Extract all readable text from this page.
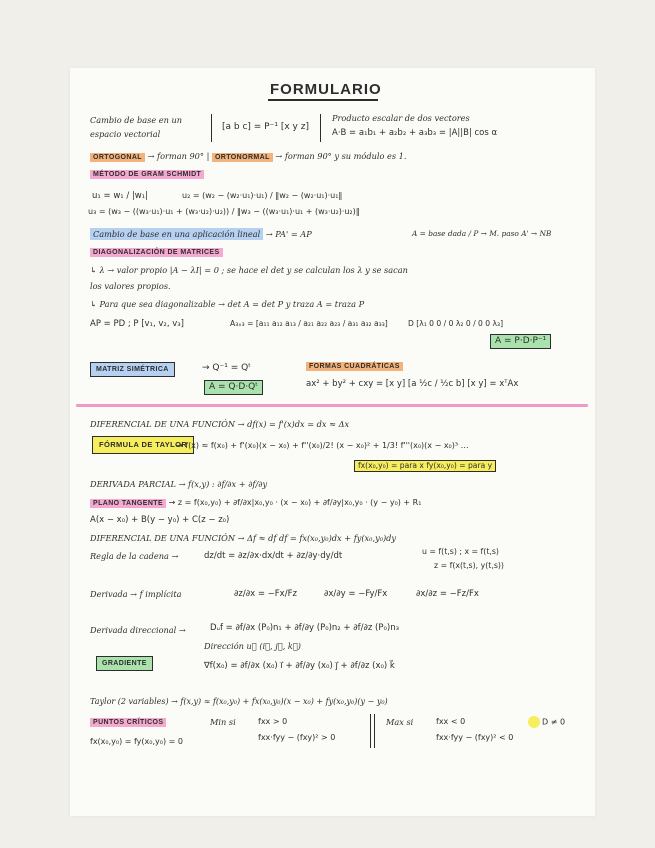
FORMULARIO
Cambio de base en un
espacio vectorial
[a b c] = P⁻¹ [x y z]
Producto escalar de dos vectores
A·B = a₁b₁ + a₂b₂ + a₃b₃ = |A||B| cos α
ORTOGONAL → forman 90° | ORTONORMAL → forman 90° y su módulo es 1.
MÉTODO DE GRAM SCHMIDT
u₁ = w₁ / |w₁|	u₂ = (w₂ − (w₂·u₁)·u₁) / ‖w₂ − (w₂·u₁)·u₁‖
u₃ = (w₃ − ((w₃·u₁)·u₁ + (w₃·u₂)·u₂)) / ‖w₃ − ((w₃·u₁)·u₁ + (w₃·u₂)·u₂)‖
Cambio de base en una aplicación lineal → PA' = AP	A = base dada / P → M. paso A' → NB
DIAGONALIZACIÓN DE MATRICES
↳ λ → valor propio |A − λI| = 0 ; se hace el det y se calculan los λ y se sacan
los valores propios.
↳ Para que sea diagonalizable → det A = det P y traza A = traza P
AP = PD ; P [v₁, v₂, v₃]	A₃ₓ₃ = [a₁₁ a₁₂ a₁₃ / a₂₁ a₂₂ a₂₃ / a₃₁ a₃₂ a₃₃]	D [λ₁ 0 0 / 0 λ₂ 0 / 0 0 λ₃]
A = P·D·P⁻¹
MATRIZ SIMÉTRICA	→ Q⁻¹ = Qᵗ
A = Q·D·Qᵗ
FORMAS CUADRÁTICAS
ax² + by² + cxy = [x y] [a ½c / ½c b] [x y] = xᵀAx
DIFERENCIAL DE UNA FUNCIÓN → df(x) = f'(x)dx = dx ≈ Δx
FÓRMULA DE TAYLOR
→ f(x) ≈ f(x₀) + f'(x₀)(x − x₀) + f''(x₀)/2! (x − x₀)² + 1/3! f'''(x₀)(x − x₀)³ …
fx(x₀,y₀) = para x fy(x₀,y₀) = para y
DERIVADA PARCIAL → f(x,y) : ∂f/∂x + ∂f/∂y
PLANO TANGENTE → z = f(x₀,y₀) + ∂f/∂x|x₀,y₀ · (x − x₀) + ∂f/∂y|x₀,y₀ · (y − y₀) + R₁
A(x − x₀) + B(y − y₀) + C(z − z₀)
DIFERENCIAL DE UNA FUNCIÓN → Δf ≈ df df = fx(x₀,y₀)dx + fy(x₀,y₀)dy
Regla de la cadena →	dz/dt = ∂z/∂x·dx/dt + ∂z/∂y·dy/dt	u = f(t,s) ; x = f(t,s)
z = f(x(t,s), y(t,s))
Derivada → f implícita	∂z/∂x = −Fx/Fz	∂x/∂y = −Fy/Fx	∂x/∂z = −Fz/Fx
Derivada direccional →	Dᵤf = ∂f/∂x (P₀)n₁ + ∂f/∂y (P₀)n₂ + ∂f/∂z (P₀)n₃
Dirección u⃗ (i⃗, j⃗, k⃗)
GRADIENTE	∇f(x₀) = ∂f/∂x (x₀) i⃗ + ∂f/∂y (x₀) j⃗ + ∂f/∂z (x₀) k⃗
Taylor (2 variables) → f(x,y) ≈ f(x₀,y₀) + fx(x₀,y₀)(x − x₀) + fy(x₀,y₀)(y − y₀)
PUNTOS CRÍTICOS	Min si	fxx > 0
fxx·fyy − (fxy)² > 0
Max si	fxx < 0
fxx·fyy − (fxy)² < 0
fx(x₀,y₀) = fy(x₀,y₀) = 0
D ≠ 0
